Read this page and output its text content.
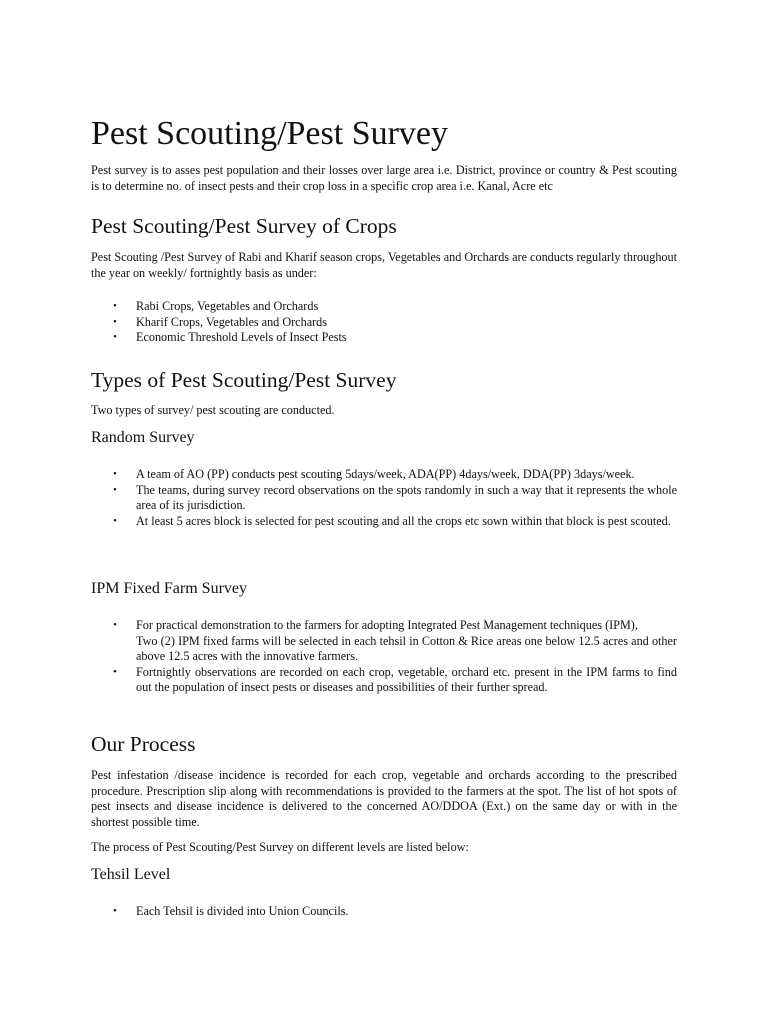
Pest Scouting/Pest Survey

Pest survey is to asses pest population and their losses over large area i.e. District, province or country & Pest scouting is to determine no. of insect pests and their crop loss in a specific crop area i.e. Kanal, Acre etc

Pest Scouting/Pest Survey of Crops

Pest Scouting /Pest Survey of Rabi and Kharif season crops, Vegetables and Orchards are conducts regularly throughout the year on weekly/ fortnightly basis as under:

• Rabi Crops, Vegetables and Orchards
• Kharif Crops, Vegetables and Orchards
• Economic Threshold Levels of Insect Pests
Types of Pest Scouting/Pest Survey

Two types of survey/ pest scouting are conducted.

Random Survey
• A team of AO (PP) conducts pest scouting 5days/week, ADA(PP) 4days/week, DDA(PP) 3days/week.
• The teams, during survey record observations on the spots randomly in such a way that it represents the whole area of its jurisdiction.
• At least 5 acres block is selected for pest scouting and all the crops etc sown within that block is pest scouted.
IPM Fixed Farm Survey
• For practical demonstration to the farmers for adopting Integrated Pest Management techniques (IPM),
Two (2) IPM fixed farms will be selected in each tehsil in Cotton & Rice areas one below 12.5 acres and other above 12.5 acres with the innovative farmers.
• Fortnightly observations are recorded on each crop, vegetable, orchard etc. present in the IPM farms to find out the population of insect pests or diseases and possibilities of their further spread.
Our Process

Pest infestation /disease incidence is recorded for each crop, vegetable and orchards according to the prescribed procedure. Prescription slip along with recommendations is provided to the farmers at the spot. The list of hot spots of pest insects and disease incidence is delivered to the concerned AO/DDOA (Ext.) on the same day or with in the shortest possible time.

The process of Pest Scouting/Pest Survey on different levels are listed below:

Tehsil Level
• Each Tehsil is divided into Union Councils.
